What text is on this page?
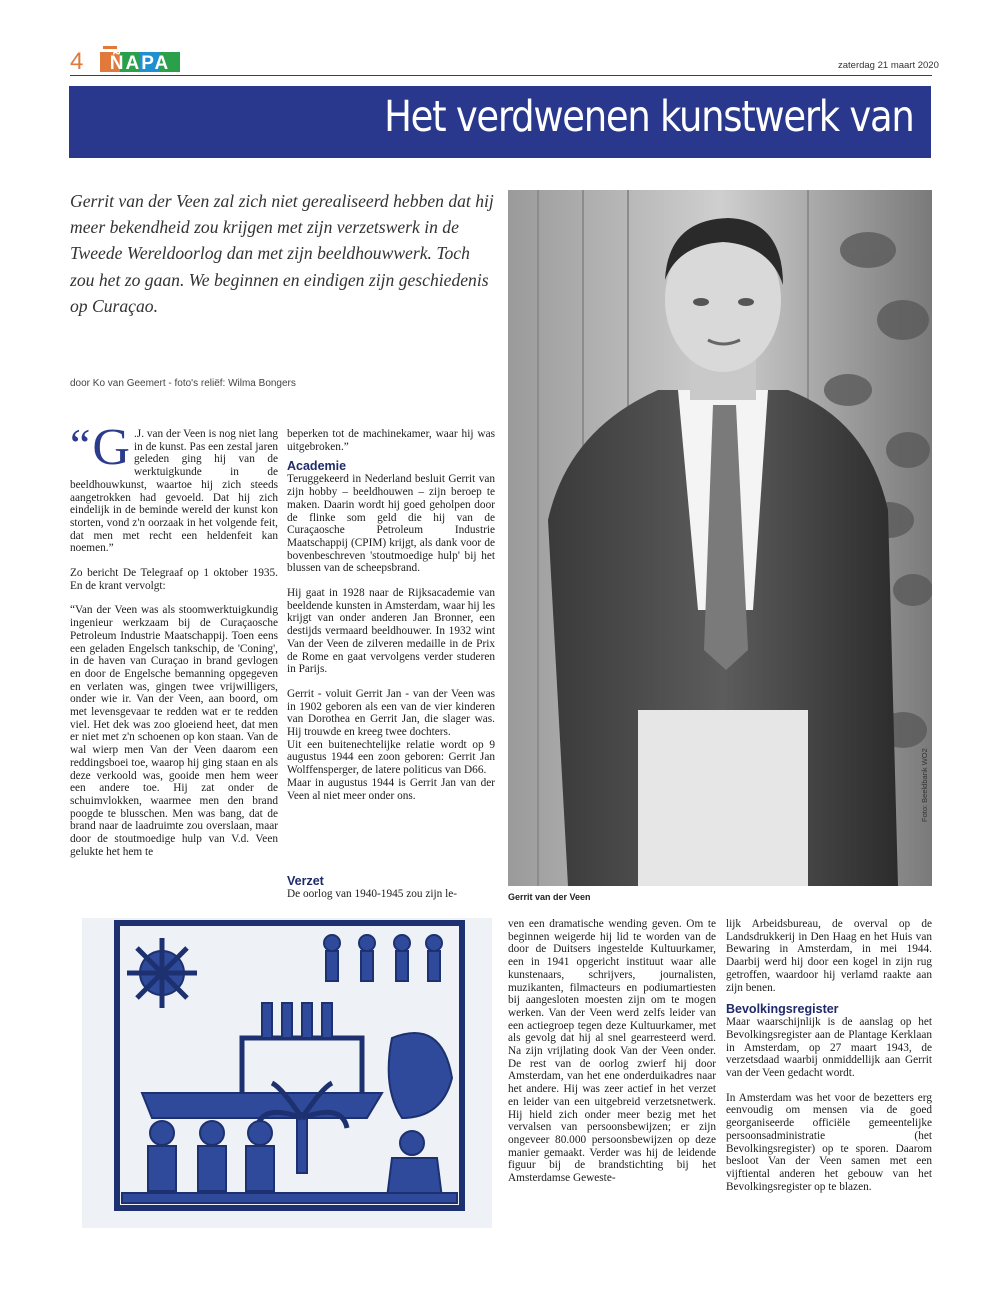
4 ÑAPA	zaterdag 21 maart 2020
Het verdwenen kunstwerk van

Gerrit van der Veen zal zich niet gerealiseerd hebben dat hij meer bekendheid zou krijgen met zijn verzetswerk in de Tweede Wereldoorlog dan met zijn beeldhouwwerk. Toch zou het zo gaan. We beginnen en eindigen zijn geschiedenis op Curaçao.

door Ko van Geemert - foto's reliëf: Wilma Bongers
Foto: Beeldbank WO2
Gerrit van der Veen

“ G .J. van der Veen is nog niet lang in de kunst. Pas een zestal jaren geleden ging hij van de werktuigkunde in de beeldhouwkunst, waartoe hij zich steeds aangetrokken had gevoeld. Dat hij zich eindelijk in de beminde wereld der kunst kon storten, vond z'n oorzaak in het volgende feit, dat men met recht een heldenfeit kan noemen.”

Zo bericht De Telegraaf op 1 oktober 1935. En de krant vervolgt:

“Van der Veen was als stoomwerktuigkundig ingenieur werkzaam bij de Curaçaosche Petroleum Industrie Maatschappij. Toen eens een geladen Engelsch tankschip, de 'Coning', in de haven van Curaçao in brand gevlogen en door de Engelsche bemanning opgegeven en verlaten was, gingen twee vrijwilligers, onder wie ir. Van der Veen, aan boord, om met levensgevaar te redden wat er te redden viel. Het dek was zoo gloeiend heet, dat men er niet met z'n schoenen op kon staan. Van de wal wierp men Van der Veen daarom een reddingsboei toe, waarop hij ging staan en als deze verkoold was, gooide men hem weer een andere toe. Hij zat onder de schuimvlokken, waarmee men den brand poogde te blusschen. Men was bang, dat de brand naar de laadruimte zou overslaan, maar door de stoutmoedige hulp van V.d. Veen gelukte het hem te

beperken tot de machinekamer, waar hij was uitgebroken.”

Academie

Teruggekeerd in Nederland besluit Gerrit van zijn hobby – beeldhouwen – zijn beroep te maken. Daarin wordt hij goed geholpen door de flinke som geld die hij van de Curaçaosche Petroleum Industrie Maatschappij (CPIM) krijgt, als dank voor de bovenbeschreven 'stoutmoedige hulp' bij het blussen van de scheepsbrand.

Hij gaat in 1928 naar de Rijksacademie van beeldende kunsten in Amsterdam, waar hij les krijgt van onder anderen Jan Bronner, een destijds vermaard beeldhouwer. In 1932 wint Van der Veen de zilveren medaille in de Prix de Rome en gaat vervolgens verder studeren in Parijs.

Gerrit - voluit Gerrit Jan - van der Veen was in 1902 geboren als een van de vier kinderen van Dorothea en Gerrit Jan, die slager was. Hij trouwde en kreeg twee dochters.

Uit een buitenechtelijke relatie wordt op 9 augustus 1944 een zoon geboren: Gerrit Jan Wolffensperger, de latere politicus van D66.

Maar in augustus 1944 is Gerrit Jan van der Veen al niet meer onder ons.

Verzet

De oorlog van 1940-1945 zou zijn le-

ven een dramatische wending geven. Om te beginnen weigerde hij lid te worden van de door de Duitsers ingestelde Kultuurkamer, een in 1941 opgericht instituut waar alle kunstenaars, schrijvers, journalisten, muzikanten, filmacteurs en podiumartiesten bij aangesloten moesten zijn om te mogen werken. Van der Veen werd zelfs leider van een actiegroep tegen deze Kultuurkamer, met als gevolg dat hij al snel gearresteerd werd. Na zijn vrijlating dook Van der Veen onder. De rest van de oorlog zwierf hij door Amsterdam, van het ene onderduikadres naar het andere. Hij was zeer actief in het verzet en leider van een uitgebreid verzetsnetwerk. Hij hield zich onder meer bezig met het vervalsen van persoonsbewijzen; er zijn ongeveer 80.000 persoonsbewijzen op deze manier gemaakt. Verder was hij de leidende figuur bij de brandstichting bij het Amsterdamse Geweste-

lijk Arbeidsbureau, de overval op de Landsdrukkerij in Den Haag en het Huis van Bewaring in Amsterdam, in mei 1944. Daarbij werd hij door een kogel in zijn rug getroffen, waardoor hij verlamd raakte aan zijn benen.

Bevolkingsregister

Maar waarschijnlijk is de aanslag op het Bevolkingsregister aan de Plantage Kerklaan in Amsterdam, op 27 maart 1943, de verzetsdaad waarbij onmiddellijk aan Gerrit van der Veen gedacht wordt.

In Amsterdam was het voor de bezetters erg eenvoudig om mensen via de goed georganiseerde officiële gemeentelijke persoonsadministratie (het Bevolkingsregister) op te sporen. Daarom besloot Van der Veen samen met een vijftiental anderen het gebouw van het Bevolkingsregister op te blazen.
